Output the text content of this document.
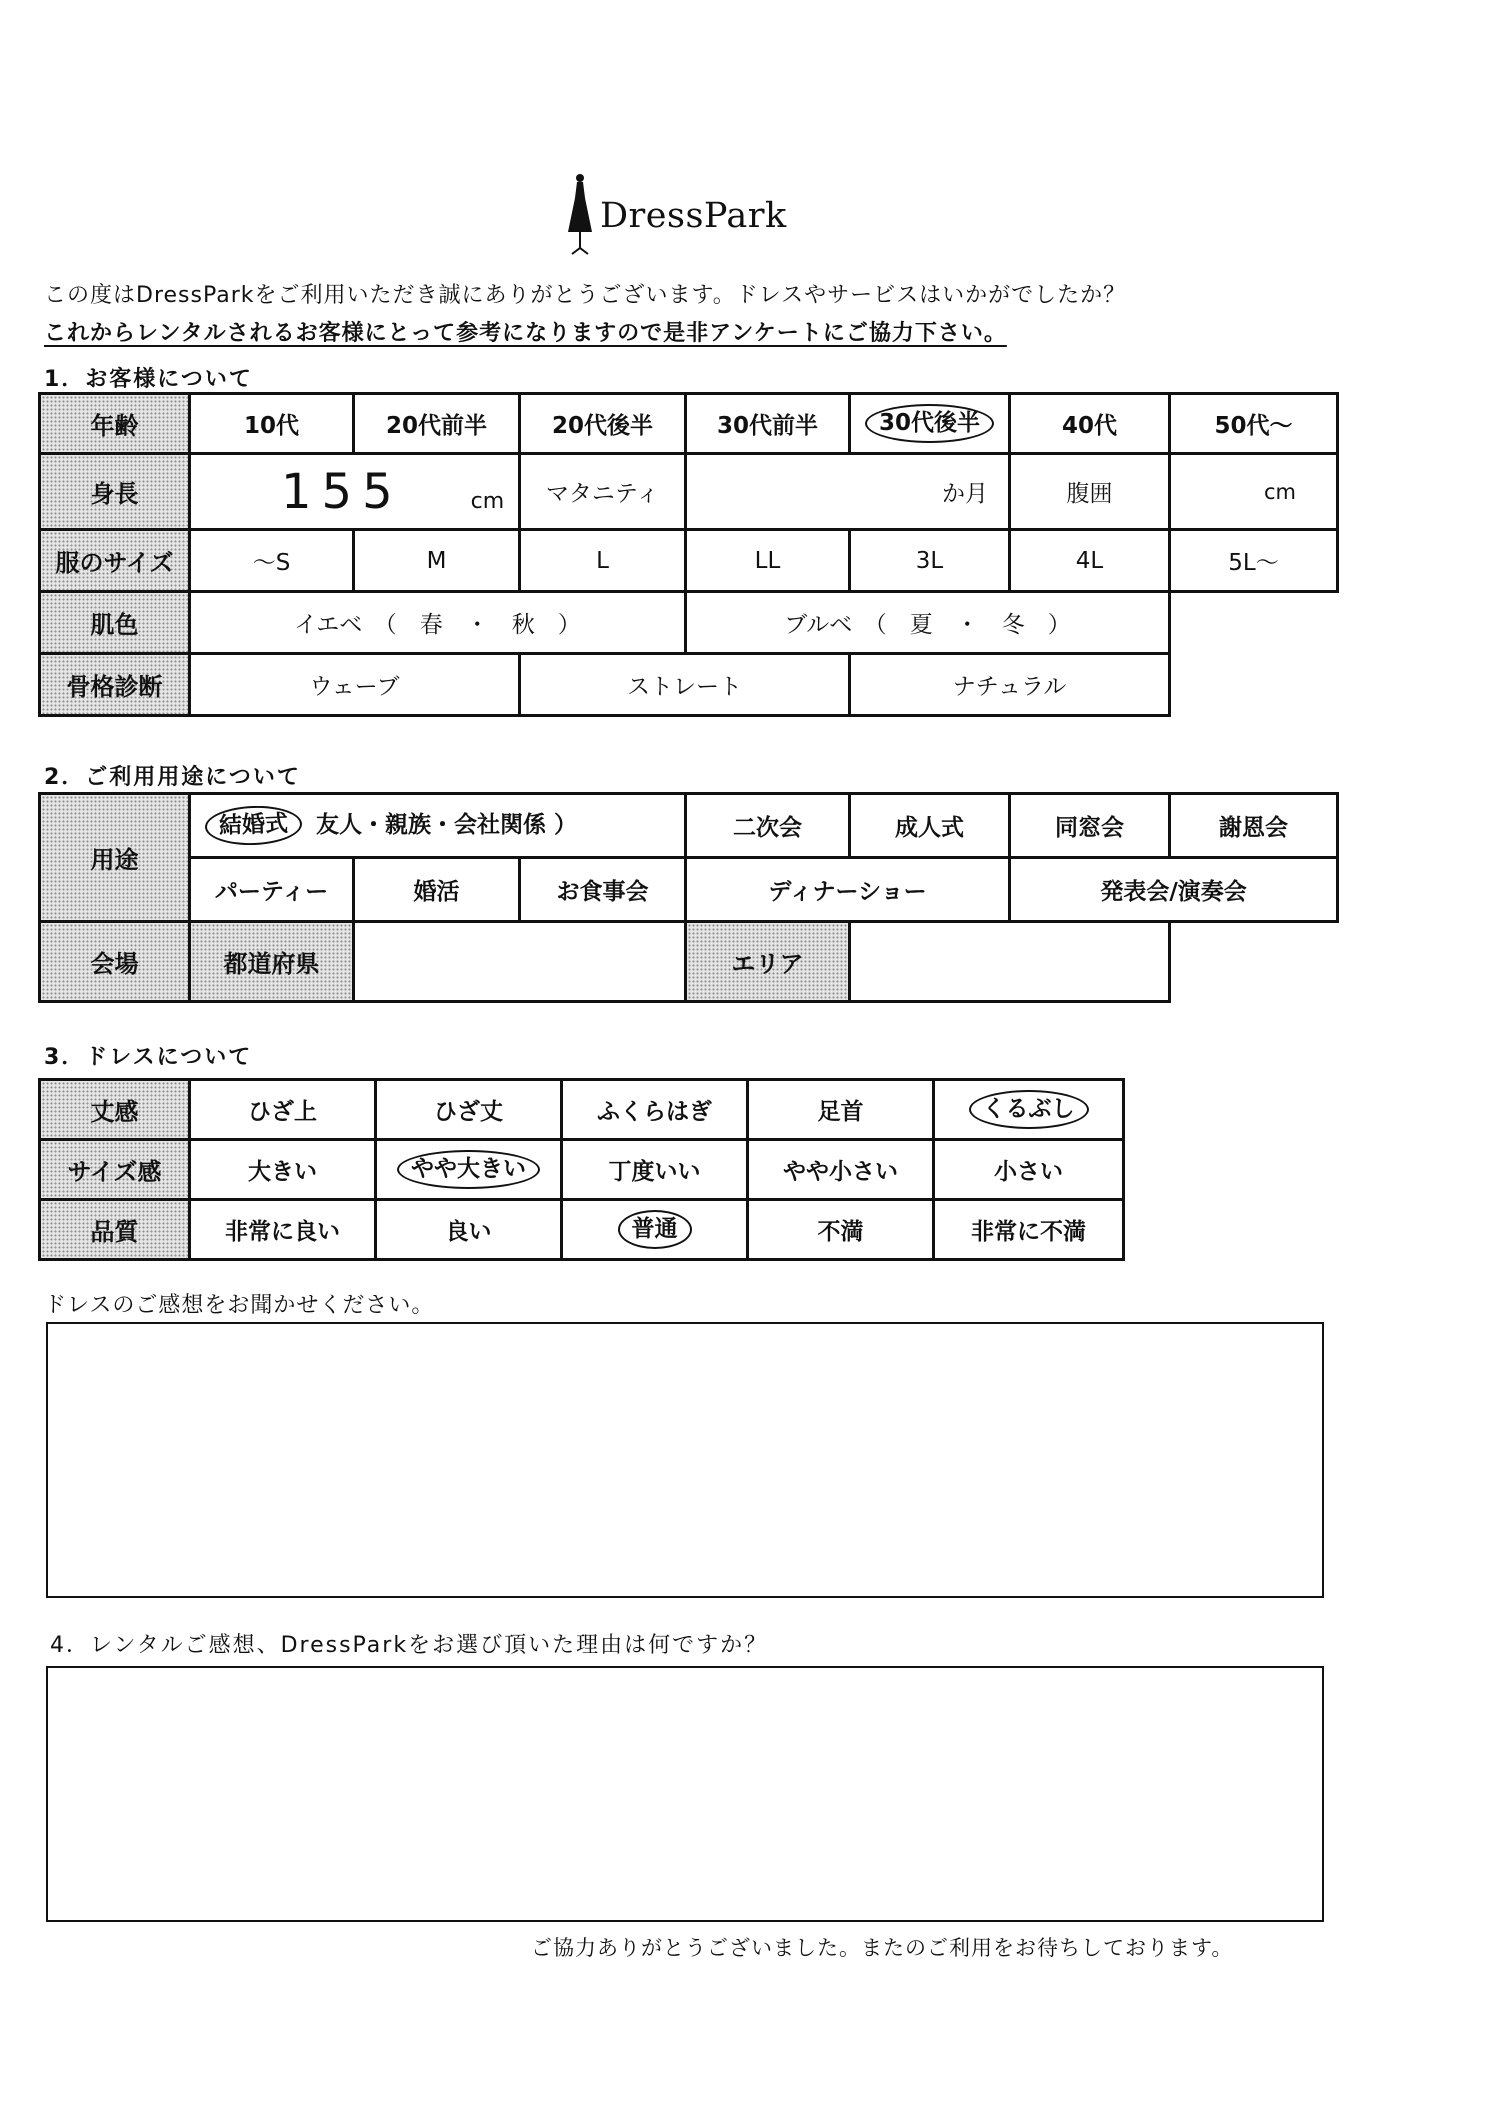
DressPark
この度はDressParkをご利用いただき誠にありがとうございます。ドレスやサービスはいかがでしたか？
これからレンタルされるお客様にとって参考になりますので是非アンケートにご協力下さい。
1．お客様について
年齢	10代	20代前半	20代後半	30代前半	30代後半	40代	50代～
身長	155 cm		マタニティ	か月		腹囲	cm
服のサイズ	～S	M	L	LL	3L	4L	5L～
肌色	イエベ　（　春　・　秋　）			ブルベ　（　夏　・　冬　）			
骨格診断	ウェーブ		ストレート		ナチュラル		
2．ご利用用途について
用途	結婚式 友人・親族・会社関係 ）			二次会	成人式	同窓会	謝恩会
	パーティー	婚活	お食事会	ディナーショー		発表会/演奏会	
会場	都道府県			エリア			
3．ドレスについて
丈感	ひざ上	ひざ丈	ふくらはぎ	足首	くるぶし
サイズ感	大きい	やや大きい	丁度いい	やや小さい	小さい
品質	非常に良い	良い	普通	不満	非常に不満
ドレスのご感想をお聞かせください。
4．レンタルご感想、DressParkをお選び頂いた理由は何ですか？
ご協力ありがとうございました。またのご利用をお待ちしております。
